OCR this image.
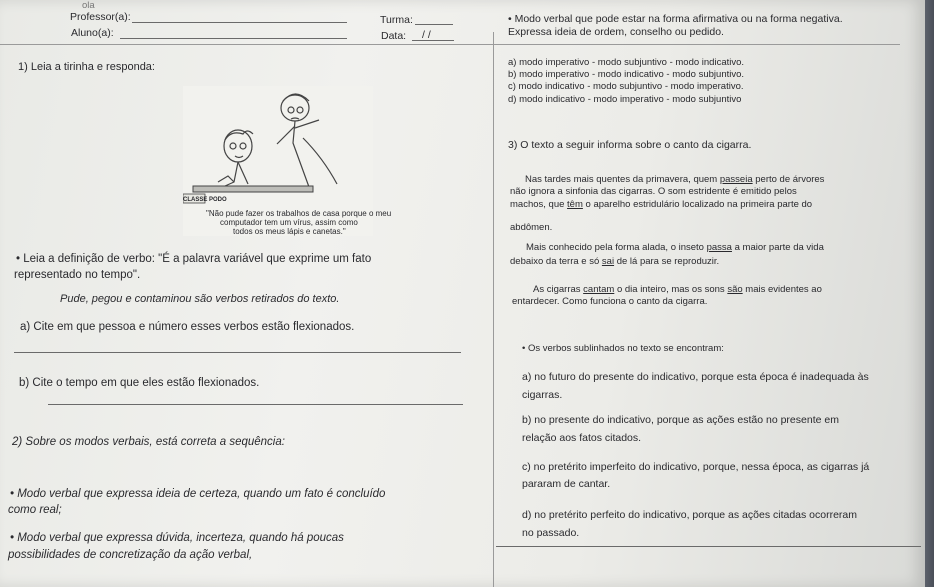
ola
Professor(a):
Aluno(a):
Turma:
Data: / /
1) Leia a tirinha e responda:
CLASSE PODO
"Não pude fazer os trabalhos de casa porque o meu
computador tem um vírus, assim como
todos os meus lápis e canetas."
• Leia a definição de verbo: "É a palavra variável que exprime um fato
representado no tempo".
Pude, pegou e contaminou são verbos retirados do texto.
a) Cite em que pessoa e número esses verbos estão flexionados.
b) Cite o tempo em que eles estão flexionados.
2) Sobre os modos verbais, está correta a sequência:
• Modo verbal que expressa ideia de certeza, quando um fato é concluído
como real;
• Modo verbal que expressa dúvida, incerteza, quando há poucas
possibilidades de concretização da ação verbal,
• Modo verbal que pode estar na forma afirmativa ou na forma negativa.
Expressa ideia de ordem, conselho ou pedido.
a) modo imperativo - modo subjuntivo - modo indicativo.
b) modo imperativo - modo indicativo - modo subjuntivo.
c) modo indicativo - modo subjuntivo - modo imperativo.
d) modo indicativo - modo imperativo - modo subjuntivo
3) O texto a seguir informa sobre o canto da cigarra.
Nas tardes mais quentes da primavera, quem passeia perto de árvores
não ignora a sinfonia das cigarras. O som estridente é emitido pelos
machos, que têm o aparelho estridulário localizado na primeira parte do
abdômen.
Mais conhecido pela forma alada, o inseto passa a maior parte da vida
debaixo da terra e só sai de lá para se reproduzir.
As cigarras cantam o dia inteiro, mas os sons são mais evidentes ao
entardecer. Como funciona o canto da cigarra.
• Os verbos sublinhados no texto se encontram:
a) no futuro do presente do indicativo, porque esta época é inadequada às
cigarras.
b) no presente do indicativo, porque as ações estão no presente em
relação aos fatos citados.
c) no pretérito imperfeito do indicativo, porque, nessa época, as cigarras já
pararam de cantar.
d) no pretérito perfeito do indicativo, porque as ações citadas ocorreram
no passado.
